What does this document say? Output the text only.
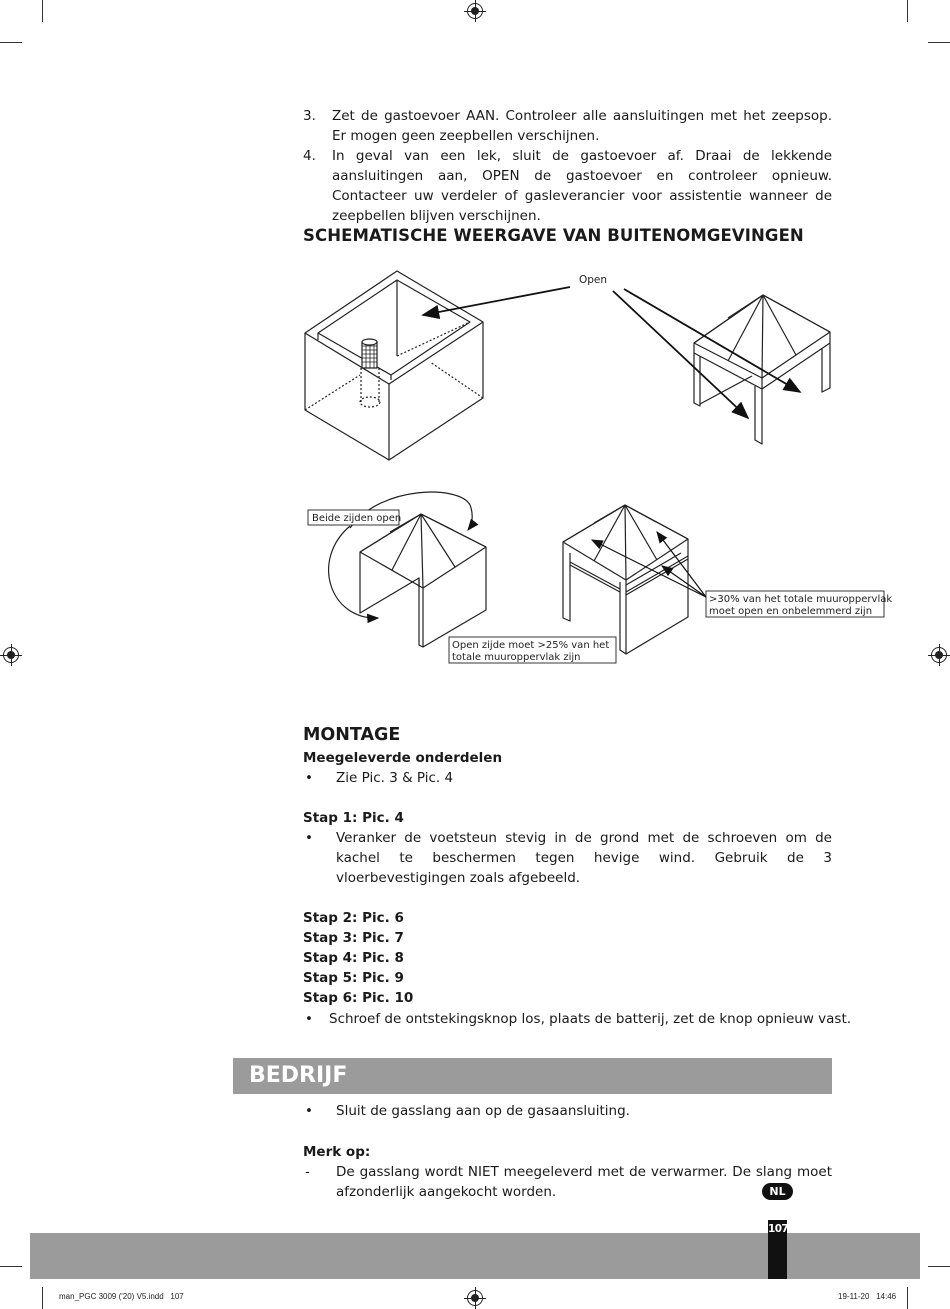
3. Zet de gastoevoer AAN. Controleer alle aansluitingen met het zeepsop. Er mogen geen zeepbellen verschijnen.
4. In geval van een lek, sluit de gastoevoer af. Draai de lekkende aansluitingen aan, OPEN de gastoevoer en controleer opnieuw. Contacteer uw verdeler of gasleverancier voor assistentie wanneer de zeepbellen blijven verschijnen.
SCHEMATISCHE WEERGAVE VAN BUITENOMGEVINGEN
Open
Beide zijden open
Open zijde moet >25% van het
totale muuroppervlak zijn
>30% van het totale muuroppervlak
moet open en onbelemmerd zijn
MONTAGE
Meegeleverde onderdelen
• Zie Pic. 3 & Pic. 4
Stap 1: Pic. 4
• Veranker de voetsteun stevig in de grond met de schroeven om de kachel te beschermen tegen hevige wind. Gebruik de 3 vloerbevestigingen zoals afgebeeld.
Stap 2: Pic. 6
Stap 3: Pic. 7
Stap 4: Pic. 8
Stap 5: Pic. 9
Stap 6: Pic. 10
• Schroef de ontstekingsknop los, plaats de batterij, zet de knop opnieuw vast.
BEDRIJF
• Sluit de gasslang aan op de gasaansluiting.
Merk op:
- De gasslang wordt NIET meegeleverd met de verwarmer. De slang moet afzonderlijk aangekocht worden.	NL
107
man_PGC 3009 ('20) V5.indd   107	19-11-20   14:46
